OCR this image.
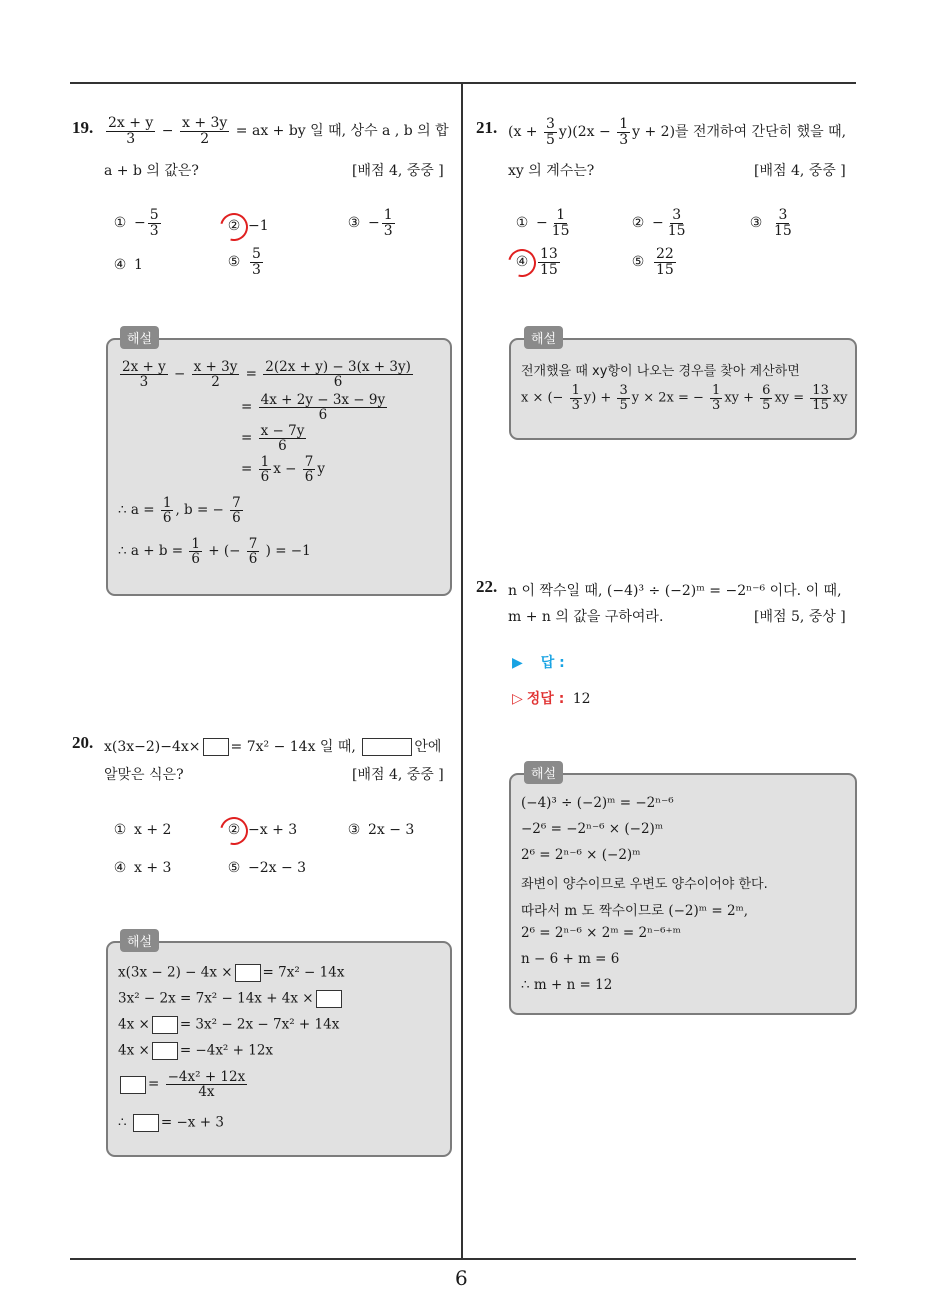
6
19. $\frac{2x + y}{3} - \frac{x + 3y}{2}$ = ax + by 일 때, 상수 a , b 의 합
a + b 의 값은?	[배점 4, 중중 ]
① − $\frac{5}{3}$	② −1	③ − $\frac{1}{3}$
④ 1	⑤ $\frac{5}{3}$
해설
$\frac{2x + y}{3} - \frac{x + 3y}{2} = \frac{2(2x + y) - 3(x + 3y)}{6}$
= $\frac{4x + 2y - 3x - 9y}{6}$
= $\frac{x - 7y}{6}$
= $\frac{1}{6}$ $x - \frac{7}{6}$ y
∴ $a = \frac{1}{6}$ , b = − $\frac{7}{6}$
∴ $a + b = \frac{1}{6}$ + (− $\frac{7}{6}$ ) = −1
20. x(3x−2)−4x× = 7x² − 14x 일 때,	안에
알맞은 식은?	[배점 4, 중중 ]
① x + 2	② −x + 3	③ 2x − 3
④ x + 3	⑤ −2x − 3
해설
x(3x − 2) − 4x × = 7x² − 14x
3x² − 2x = 7x² − 14x + 4x ×
4x × = 3x² − 2x − 7x² + 14x
4x × = −4x² + 12x
= $\frac{\text{−4x² + 12x}}{4x}$
∴	= −x + 3
21. $(x + \frac{3}{5} y)(2x - \frac{1}{3}$ y + 2)를 전개하여 간단히 했을 때,
xy 의 계수는?	[배점 4, 중중 ]
① − $\frac{1}{15}$	② − $\frac{3}{15}$	③ $\frac{3}{15}$
④ $\frac{13}{15}$	⑤ $\frac{22}{15}$
해설
전개했을 때 xy항이 나오는 경우를 찾아 계산하면
x × (− $\frac{1}{3} y) + \frac{3}{5}$ y × 2x = − $\frac{1}{3}$ xy + $\frac{6}{5}$ xy = $\frac{13}{15}$ xy
22. n 이 짝수일 때, (−4)³ ÷ (−2)ᵐ = −2ⁿ⁻⁶ 이다. 이 때,
m + n 의 값을 구하여라.	[배점 5, 중상 ]
▶ 답 :
▷ 정답 : 12
해설
(−4)³ ÷ (−2)ᵐ = −2ⁿ⁻⁶
−2⁶ = −2ⁿ⁻⁶ × (−2)ᵐ
2⁶ = 2ⁿ⁻⁶ × (−2)ᵐ
좌변이 양수이므로 우변도 양수이어야 한다.
따라서 m 도 짝수이므로 (−2)ᵐ = 2ᵐ,
2⁶ = 2ⁿ⁻⁶ × 2ᵐ = 2ⁿ⁻⁶⁺ᵐ
n − 6 + m = 6
∴ m + n = 12
